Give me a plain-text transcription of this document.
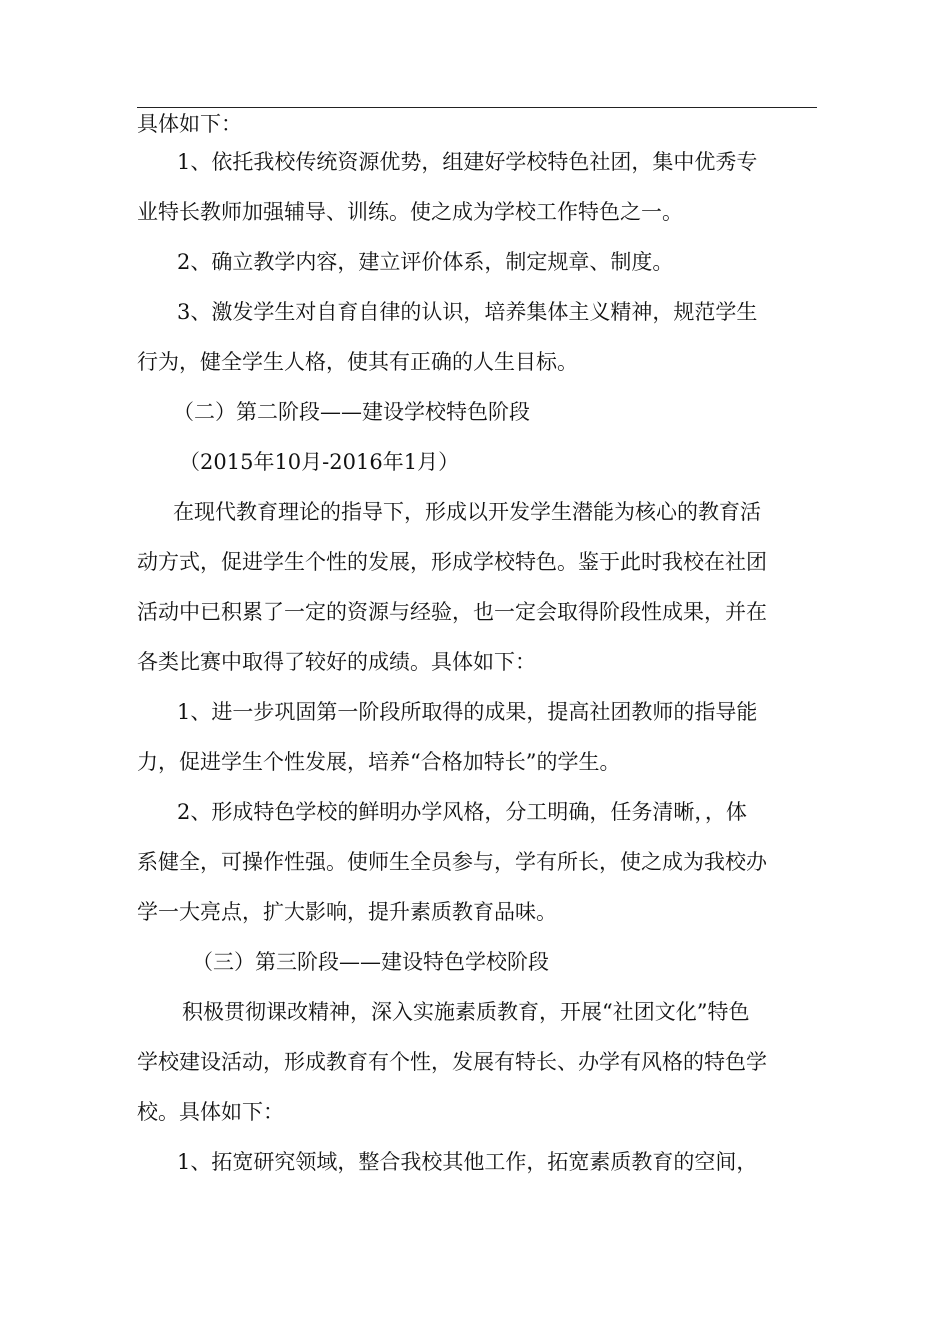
具体如下：
1、依托我校传统资源优势，组建好学校特色社团，集中优秀专
业特长教师加强辅导、训练。使之成为学校工作特色之一。
2、确立教学内容，建立评价体系，制定规章、制度。
3、激发学生对自育自律的认识，培养集体主义精神，规范学生
行为，健全学生人格，使其有正确的人生目标。
（二）第二阶段——建设学校特色阶段
（2015年10月-2016年1月）
在现代教育理论的指导下，形成以开发学生潜能为核心的教育活
动方式，促进学生个性的发展，形成学校特色。鉴于此时我校在社团
活动中已积累了一定的资源与经验，也一定会取得阶段性成果，并在
各类比赛中取得了较好的成绩。具体如下：
1、进一步巩固第一阶段所取得的成果，提高社团教师的指导能
力，促进学生个性发展，培养“合格加特长”的学生。
2、形成特色学校的鲜明办学风格，分工明确，任务清晰，，体
系健全，可操作性强。使师生全员参与，学有所长，使之成为我校办
学一大亮点，扩大影响，提升素质教育品味。
（三）第三阶段——建设特色学校阶段
积极贯彻课改精神，深入实施素质教育，开展“社团文化”特色
学校建设活动，形成教育有个性，发展有特长、办学有风格的特色学
校。具体如下：
1、拓宽研究领域，整合我校其他工作，拓宽素质教育的空间，
